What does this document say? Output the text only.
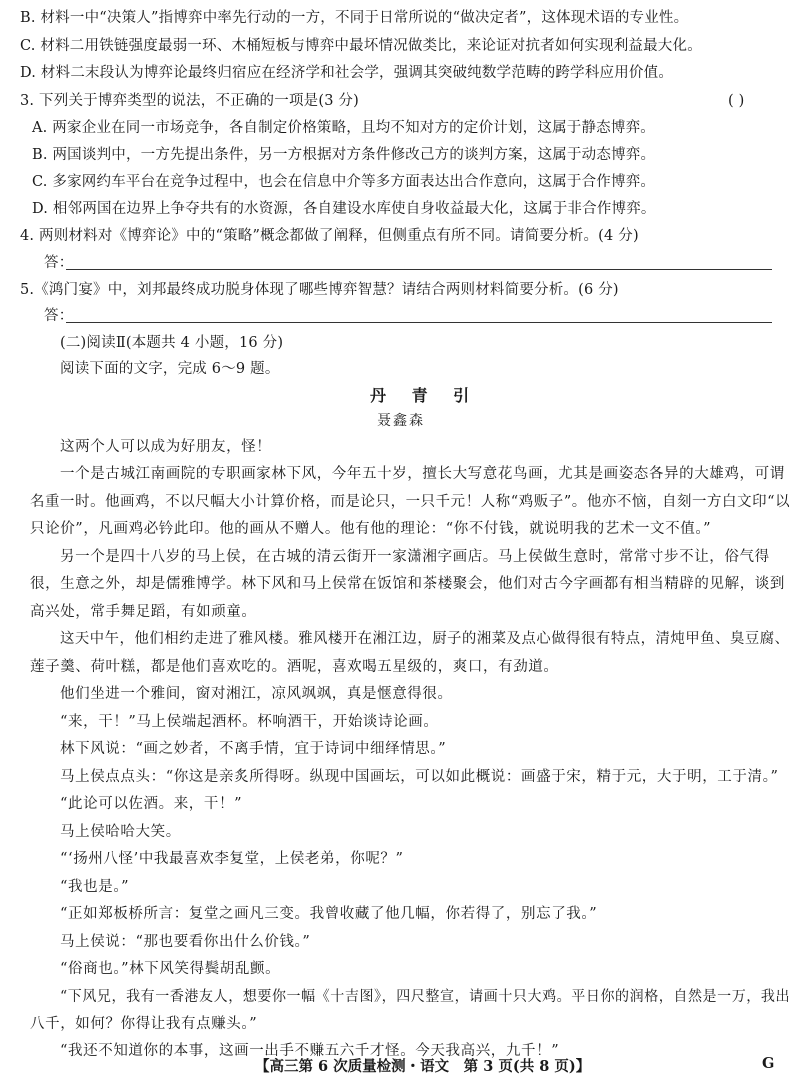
B. 材料一中“决策人”指博弈中率先行动的一方，不同于日常所说的“做决定者”，这体现术语的专业性。
C. 材料二用铁链强度最弱一环、木桶短板与博弈中最坏情况做类比，来论证对抗者如何实现利益最大化。
D. 材料二末段认为博弈论最终归宿应在经济学和社会学，强调其突破纯数学范畴的跨学科应用价值。
3. 下列关于博弈类型的说法，不正确的一项是(3 分)	( )
A. 两家企业在同一市场竞争，各自制定价格策略，且均不知对方的定价计划，这属于静态博弈。
B. 两国谈判中，一方先提出条件，另一方根据对方条件修改己方的谈判方案，这属于动态博弈。
C. 多家网约车平台在竞争过程中，也会在信息中介等多方面表达出合作意向，这属于合作博弈。
D. 相邻两国在边界上争夺共有的水资源，各自建设水库使自身收益最大化，这属于非合作博弈。
4. 两则材料对《博弈论》中的“策略”概念都做了阐释，但侧重点有所不同。请简要分析。(4 分)
答：
5.《鸿门宴》中，刘邦最终成功脱身体现了哪些博弈智慧？请结合两则材料简要分析。(6 分)
答：
(二)阅读Ⅱ(本题共 4 小题，16 分)
阅读下面的文字，完成 6～9 题。
丹 青 引
聂鑫森
这两个人可以成为好朋友，怪！
一个是古城江南画院的专职画家林下风，今年五十岁，擅长大写意花鸟画，尤其是画姿态各异的大雄鸡，可谓
名重一时。他画鸡，不以尺幅大小计算价格，而是论只，一只千元！人称“鸡贩子”。他亦不恼，自刻一方白文印“以
只论价”，凡画鸡必钤此印。他的画从不赠人。他有他的理论：“你不付钱，就说明我的艺术一文不值。”
另一个是四十八岁的马上侯，在古城的清云街开一家潇湘字画店。马上侯做生意时，常常寸步不让，俗气得
很，生意之外，却是儒雅博学。林下风和马上侯常在饭馆和茶楼聚会，他们对古今字画都有相当精辟的见解，谈到
高兴处，常手舞足蹈，有如顽童。
这天中午，他们相约走进了雅风楼。雅风楼开在湘江边，厨子的湘菜及点心做得很有特点，清炖甲鱼、臭豆腐、
莲子羹、荷叶糕，都是他们喜欢吃的。酒呢，喜欢喝五星级的，爽口，有劲道。
他们坐进一个雅间，窗对湘江，凉风飒飒，真是惬意得很。
“来，干！”马上侯端起酒杯。杯响酒干，开始谈诗论画。
林下风说：“画之妙者，不离手情，宜于诗词中细绎情思。”
马上侯点点头：“你这是亲炙所得呀。纵现中国画坛，可以如此概说：画盛于宋，精于元，大于明，工于清。”
“此论可以佐酒。来，干！”
马上侯哈哈大笑。
“‘扬州八怪’中我最喜欢李复堂，上侯老弟，你呢？”
“我也是。”
“正如郑板桥所言：复堂之画凡三变。我曾收藏了他几幅，你若得了，别忘了我。”
马上侯说：“那也要看你出什么价钱。”
“俗商也。”林下风笑得鬓胡乱颤。
“下风兄，我有一香港友人，想要你一幅《十吉图》，四尺整宣，请画十只大鸡。平日你的润格，自然是一万，我出
八千，如何？你得让我有点赚头。”
“我还不知道你的本事，这画一出手不赚五六千才怪。今天我高兴，九千！”
【高三第 6 次质量检测・语文　第 3 页(共 8 页)】	G
